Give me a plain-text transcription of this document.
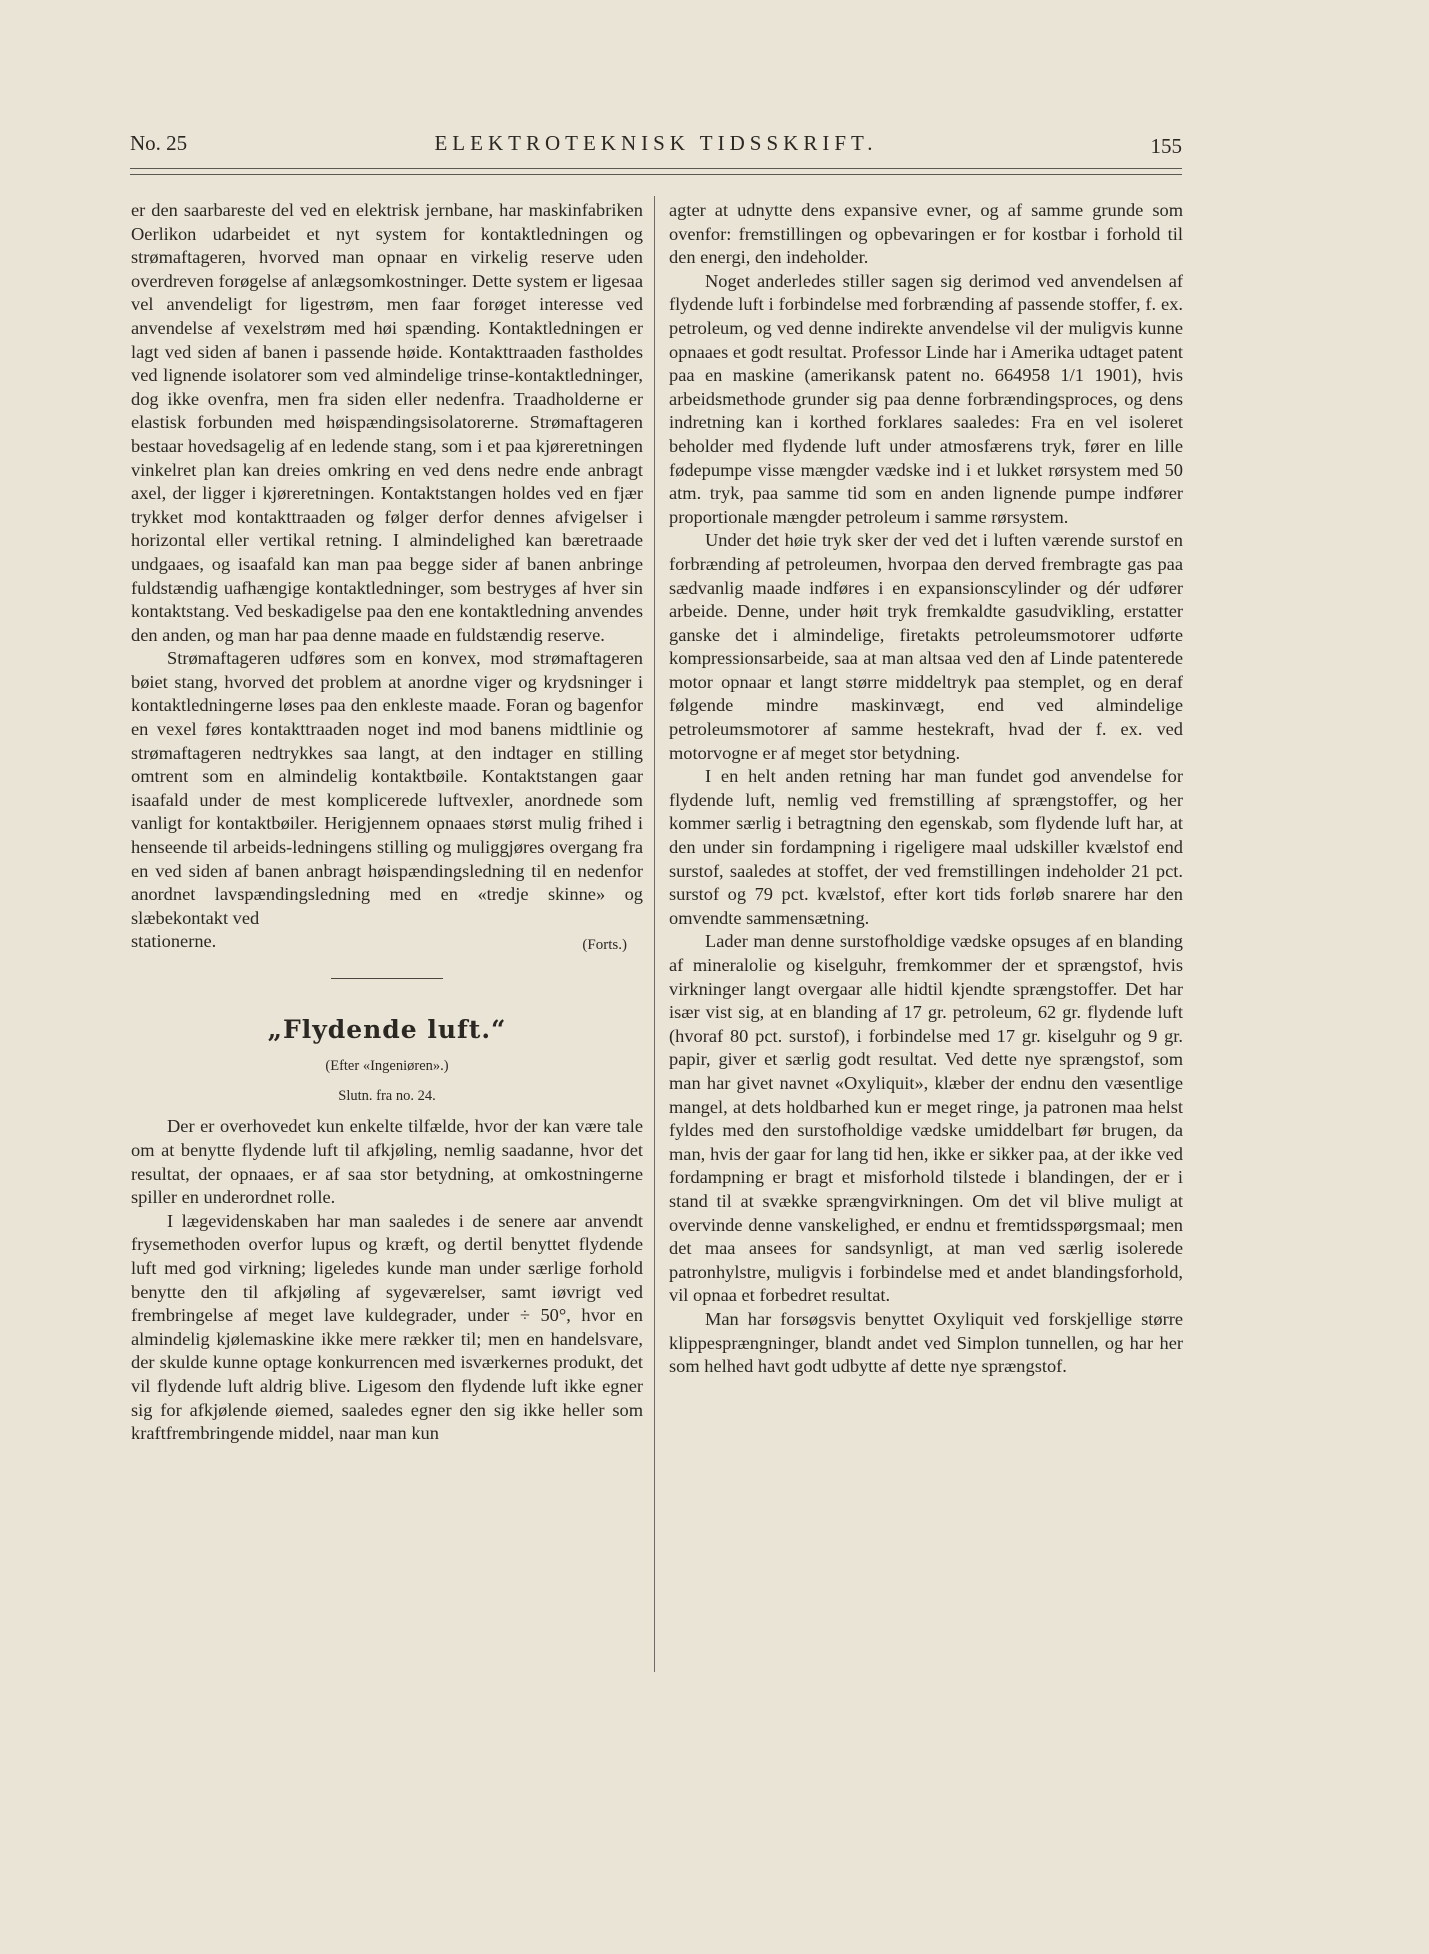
No. 25	ELEKTROTEKNISK TIDSSKRIFT.	155

er den saarbareste del ved en elektrisk jernbane, har maskinfabriken Oerlikon udarbeidet et nyt system for kontaktledningen og strømaftageren, hvorved man opnaar en virkelig reserve uden overdreven forøgelse af anlægsomkostninger. Dette system er ligesaa vel anvendeligt for ligestrøm, men faar forøget interesse ved anvendelse af vexelstrøm med høi spænding. Kontaktledningen er lagt ved siden af banen i passende høide. Kontakttraaden fastholdes ved lignende isolatorer som ved almindelige trinse-kontaktledninger, dog ikke ovenfra, men fra siden eller nedenfra. Traadholderne er elastisk forbunden med høispændingsisolatorerne. Strømaftageren bestaar hovedsagelig af en ledende stang, som i et paa kjøreretningen vinkelret plan kan dreies omkring en ved dens nedre ende anbragt axel, der ligger i kjøreretningen. Kontaktstangen holdes ved en fjær trykket mod kontakttraaden og følger derfor dennes afvigelser i horizontal eller vertikal retning. I almindelighed kan bæretraade undgaaes, og isaafald kan man paa begge sider af banen anbringe fuldstændig uafhængige kontaktledninger, som bestryges af hver sin kontaktstang. Ved beskadigelse paa den ene kontaktledning anvendes den anden, og man har paa denne maade en fuldstændig reserve.

Strømaftageren udføres som en konvex, mod strømaftageren bøiet stang, hvorved det problem at anordne viger og krydsninger i kontaktledningerne løses paa den enkleste maade. Foran og bagenfor en vexel føres kontakttraaden noget ind mod banens midtlinie og strømaftageren nedtrykkes saa langt, at den indtager en stilling omtrent som en almindelig kontaktbøile. Kontaktstangen gaar isaafald under de mest komplicerede luftvexler, anordnede som vanligt for kontaktbøiler. Herigjennem opnaaes størst mulig frihed i henseende til arbeids-ledningens stilling og muliggjøres overgang fra en ved siden af banen anbragt høispændingsledning til en nedenfor anordnet lavspændingsledning med en «tredje skinne» og slæbekontakt ved

stationerne.	(Forts.)
„Flydende luft.“
(Efter «Ingeniøren».)
Slutn. fra no. 24.

Der er overhovedet kun enkelte tilfælde, hvor der kan være tale om at benytte flydende luft til afkjøling, nemlig saadanne, hvor det resultat, der opnaaes, er af saa stor betydning, at omkostningerne spiller en underordnet rolle.

I lægevidenskaben har man saaledes i de senere aar anvendt frysemethoden overfor lupus og kræft, og dertil benyttet flydende luft med god virkning; ligeledes kunde man under særlige forhold benytte den til afkjøling af sygeværelser, samt iøvrigt ved frembringelse af meget lave kuldegrader, under ÷ 50°, hvor en almindelig kjølemaskine ikke mere rækker til; men en handelsvare, der skulde kunne optage konkurrencen med isværkernes produkt, det vil flydende luft aldrig blive. Ligesom den flydende luft ikke egner sig for afkjølende øiemed, saaledes egner den sig ikke heller som kraftfrembringende middel, naar man kun

agter at udnytte dens expansive evner, og af samme grunde som ovenfor: fremstillingen og opbevaringen er for kostbar i forhold til den energi, den indeholder.

Noget anderledes stiller sagen sig derimod ved anvendelsen af flydende luft i forbindelse med forbrænding af passende stoffer, f. ex. petroleum, og ved denne indirekte anvendelse vil der muligvis kunne opnaaes et godt resultat. Professor Linde har i Amerika udtaget patent paa en maskine (amerikansk patent no. 664958 1/1 1901), hvis arbeidsmethode grunder sig paa denne forbrændingsproces, og dens indretning kan i korthed forklares saaledes: Fra en vel isoleret beholder med flydende luft under atmosfærens tryk, fører en lille fødepumpe visse mængder vædske ind i et lukket rørsystem med 50 atm. tryk, paa samme tid som en anden lignende pumpe indfører proportionale mængder petroleum i samme rørsystem.

Under det høie tryk sker der ved det i luften værende surstof en forbrænding af petroleumen, hvorpaa den derved frembragte gas paa sædvanlig maade indføres i en expansionscylinder og dér udfører arbeide. Denne, under høit tryk fremkaldte gasudvikling, erstatter ganske det i almindelige, firetakts petroleumsmotorer udførte kompressionsarbeide, saa at man altsaa ved den af Linde patenterede motor opnaar et langt større middeltryk paa stemplet, og en deraf følgende mindre maskinvægt, end ved almindelige petroleumsmotorer af samme hestekraft, hvad der f. ex. ved motorvogne er af meget stor betydning.

I en helt anden retning har man fundet god anvendelse for flydende luft, nemlig ved fremstilling af sprængstoffer, og her kommer særlig i betragtning den egenskab, som flydende luft har, at den under sin fordampning i rigeligere maal udskiller kvælstof end surstof, saaledes at stoffet, der ved fremstillingen indeholder 21 pct. surstof og 79 pct. kvælstof, efter kort tids forløb snarere har den omvendte sammensætning.

Lader man denne surstofholdige vædske opsuges af en blanding af mineralolie og kiselguhr, fremkommer der et sprængstof, hvis virkninger langt overgaar alle hidtil kjendte sprængstoffer. Det har især vist sig, at en blanding af 17 gr. petroleum, 62 gr. flydende luft (hvoraf 80 pct. surstof), i forbindelse med 17 gr. kiselguhr og 9 gr. papir, giver et særlig godt resultat. Ved dette nye sprængstof, som man har givet navnet «Oxyliquit», klæber der endnu den væsentlige mangel, at dets holdbarhed kun er meget ringe, ja patronen maa helst fyldes med den surstofholdige vædske umiddelbart før brugen, da man, hvis der gaar for lang tid hen, ikke er sikker paa, at der ikke ved fordampning er bragt et misforhold tilstede i blandingen, der er i stand til at svække sprængvirkningen. Om det vil blive muligt at overvinde denne vanskelighed, er endnu et fremtidsspørgsmaal; men det maa ansees for sandsynligt, at man ved særlig isolerede patronhylstre, muligvis i forbindelse med et andet blandingsforhold, vil opnaa et forbedret resultat.

Man har forsøgsvis benyttet Oxyliquit ved forskjellige større klippesprængninger, blandt andet ved Simplon tunnellen, og har her som helhed havt godt udbytte af dette nye sprængstof.
